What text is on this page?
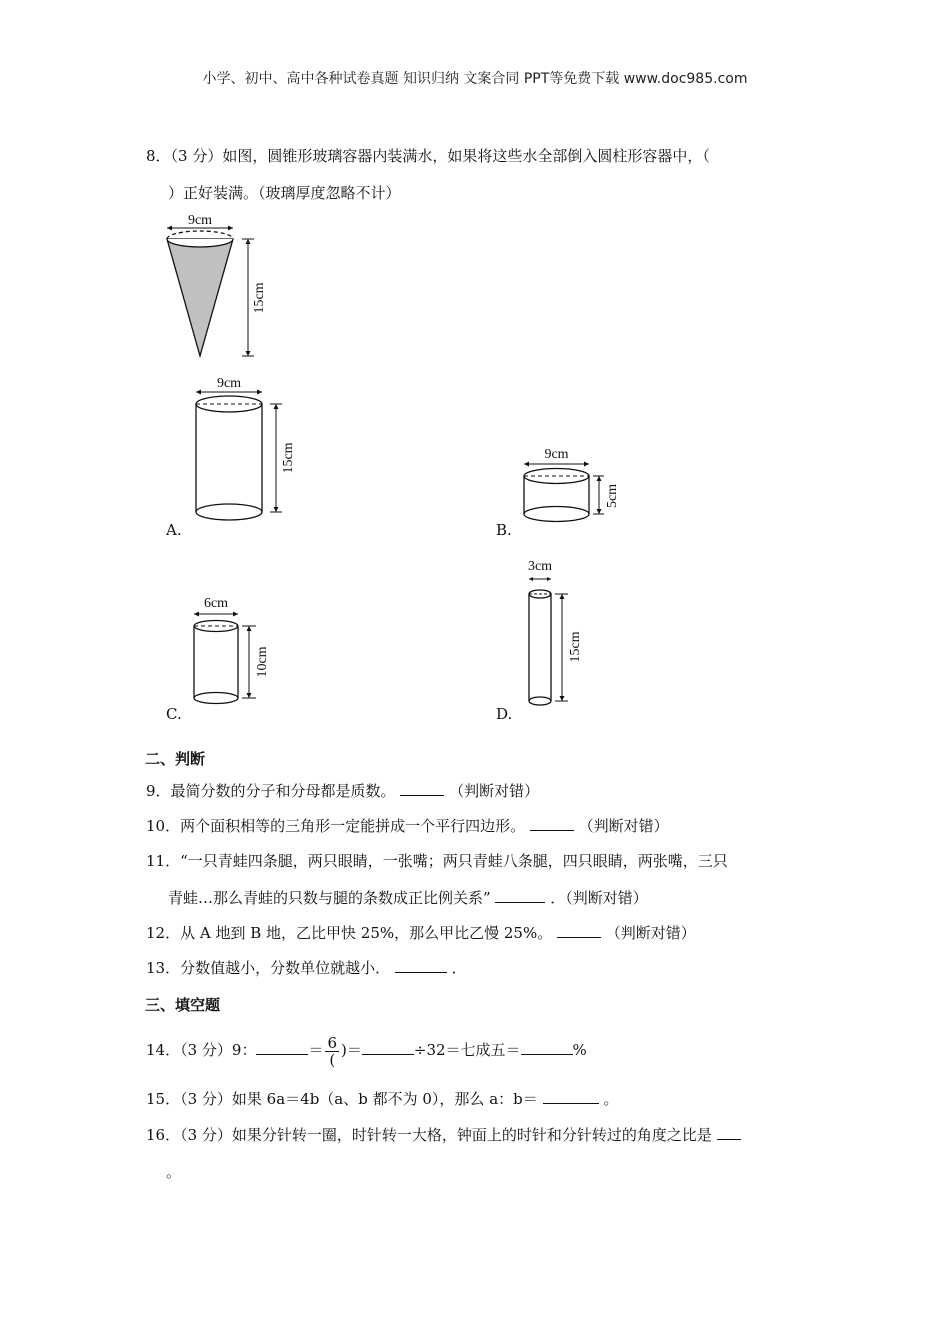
小学、初中、高中各种试卷真题 知识归纳 文案合同 PPT等免费下载 www.doc985.com
8．（3 分）如图，圆锥形玻璃容器内装满水，如果将这些水全部倒入圆柱形容器中，（
）正好装满。（玻璃厚度忽略不计）
9cm
15cm
9cm
15cm
A.
9cm
5cm
B.
6cm
10cm
C.
3cm
15cm
D.
二、判断
9．最简分数的分子和分母都是质数。	（判断对错）
10．两个面积相等的三角形一定能拼成一个平行四边形。	（判断对错）
11．“一只青蛙四条腿，两只眼睛，一张嘴；两只青蛙八条腿，四只眼睛，两张嘴，三只
青蛙…那么青蛙的只数与腿的条数成正比例关系”	．（判断对错）
12．从 A 地到 B 地，乙比甲快 25%，那么甲比乙慢 25%。	（判断对错）
13．分数值越小，分数单位就越小．	．
三、填空题
14．（3 分）9：	＝ $\frac{6}{(}$ )＝	÷32＝七成五＝	%
15．（3 分）如果 6a＝4b（a、b 都不为 0），那么 a：b＝	。
16．（3 分）如果分针转一圈，时针转一大格，钟面上的时针和分针转过的角度之比是
。
